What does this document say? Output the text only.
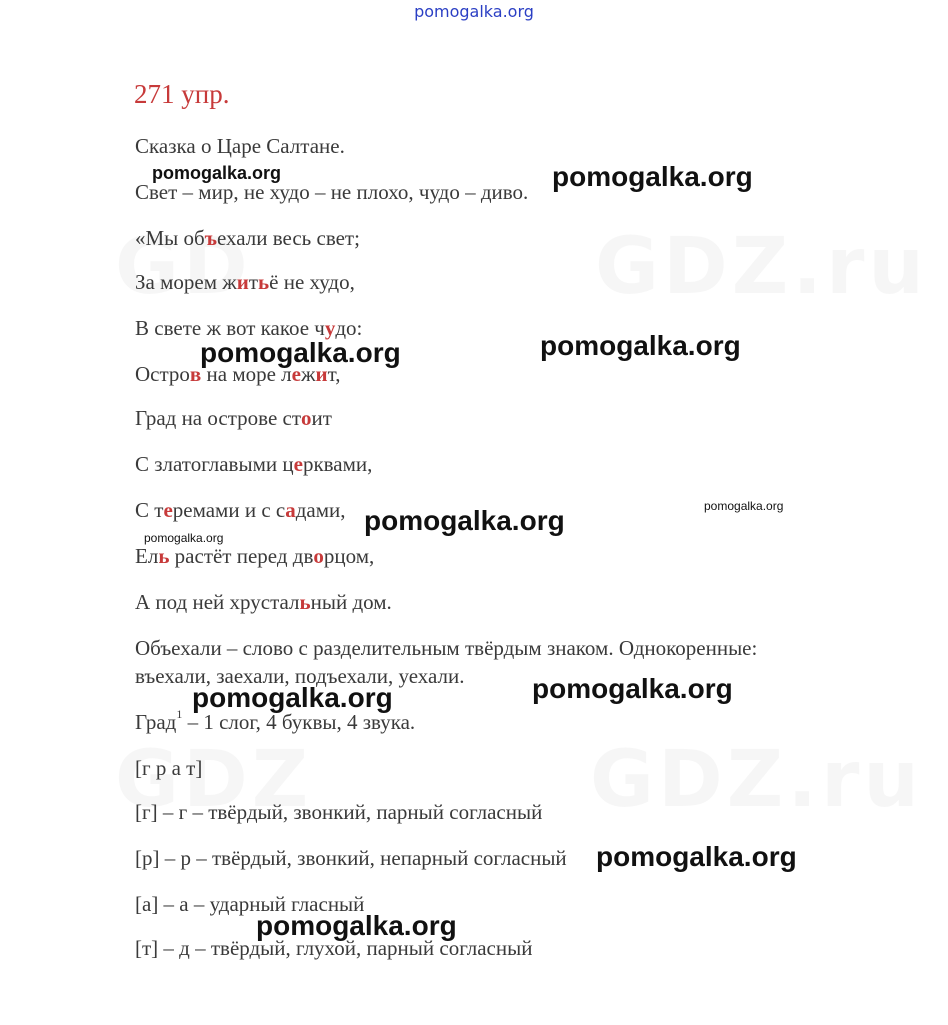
pomogalka.org
271 упр.
Сказка о Царе Салтане.
Свет – мир, не худо – не плохо, чудо – диво.
«Мы объехали весь свет;
За морем житьё не худо,
В свете ж вот какое чудо:
Остров на море лежит,
Град на острове стоит
С златоглавыми церквами,
С теремами и с садами,
Ель растёт перед дворцом,
А под ней хрустальный дом.
Объехали – слово с разделительным твёрдым знаком. Однокоренные:
въехали, заехали, подъехали, уехали.
Град$^1$ – 1 слог, 4 буквы, 4 звука.
[г р а т]
[г] – г – твёрдый, звонкий, парный согласный
[р] – р – твёрдый, звонкий, непарный согласный
[а] – а – ударный гласный
[т] – д – твёрдый, глухой, парный согласный
pomogalka.org	pomogalka.org
pomogalka.org	pomogalka.org
pomogalka.org
pomogalka.org
pomogalka.org
pomogalka.org	pomogalka.org
pomogalka.org
pomogalka.org
